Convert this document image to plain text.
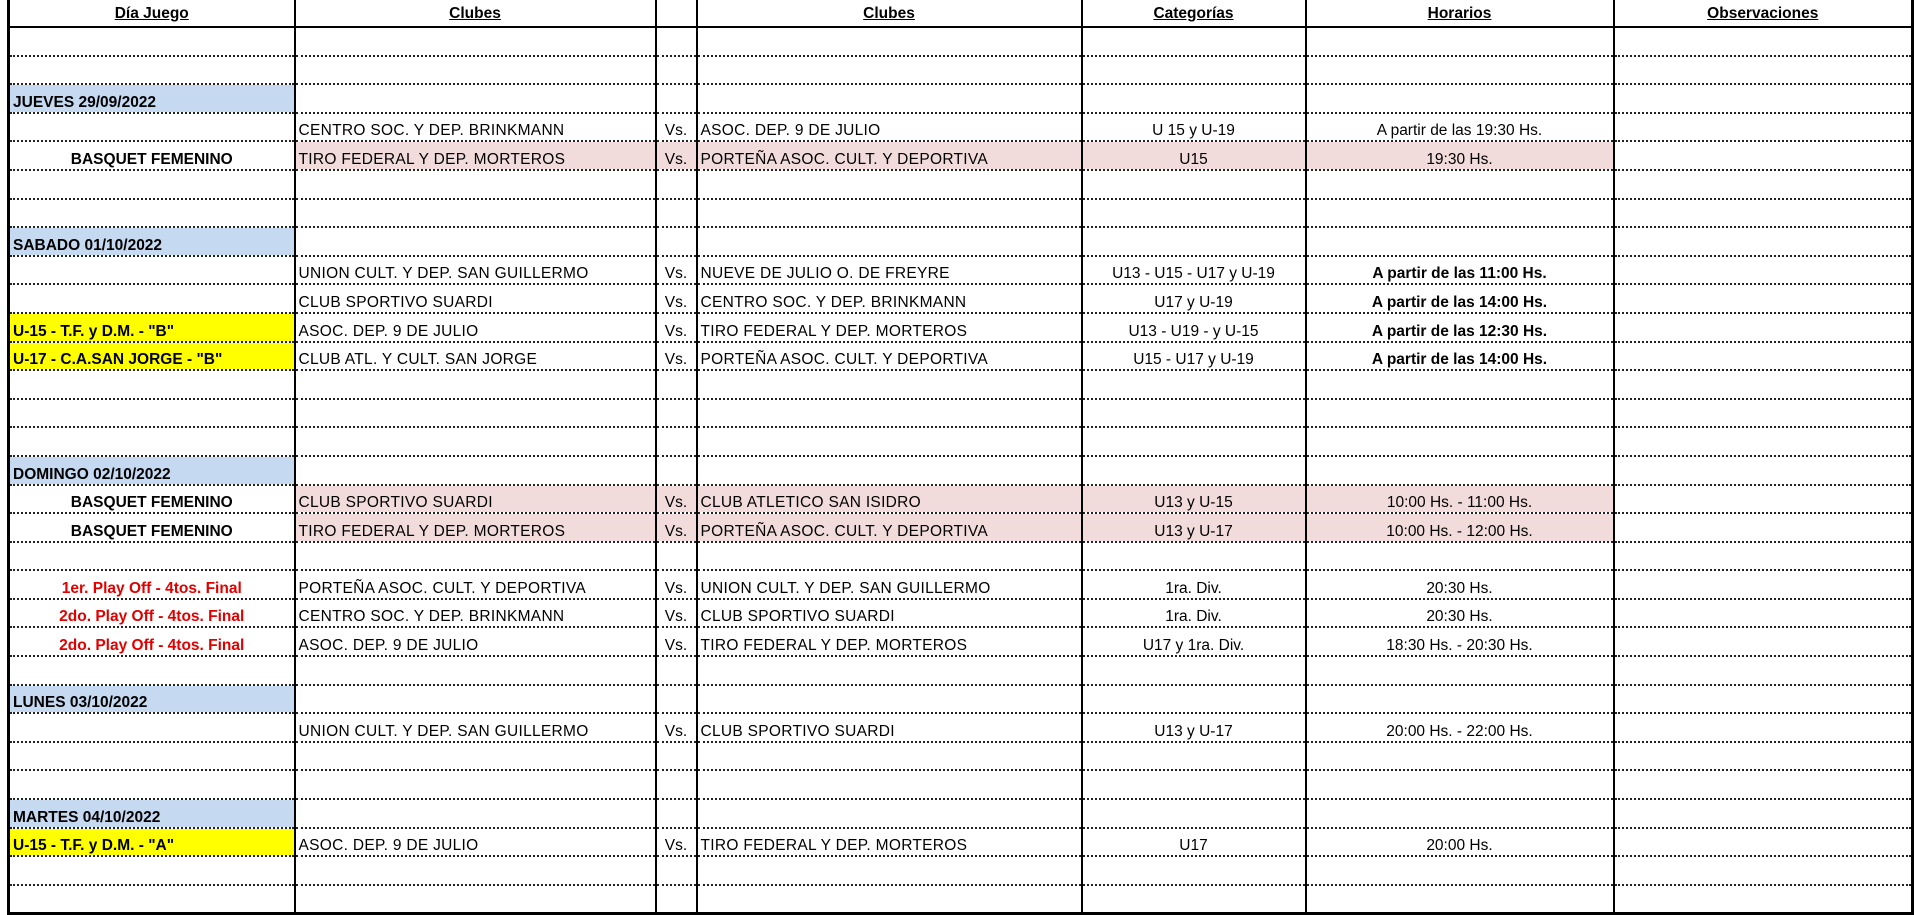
Día Juego	Clubes		Clubes	Categorías	Horarios	Observaciones

JUEVES 29/09/2022						
	CENTRO SOC. Y DEP. BRINKMANN	Vs.	ASOC. DEP. 9 DE JULIO	U 15 y U-19	A partir de las 19:30 Hs.	
BASQUET FEMENINO	TIRO FEDERAL Y DEP. MORTEROS	Vs.	PORTEÑA ASOC. CULT. Y DEPORTIVA	U15	19:30 Hs.	

SABADO 01/10/2022						
	UNION CULT. Y DEP. SAN GUILLERMO	Vs.	NUEVE DE JULIO O. DE FREYRE	U13 - U15 - U17 y U-19	A partir de las 11:00 Hs.	
	CLUB SPORTIVO SUARDI	Vs.	CENTRO SOC. Y DEP. BRINKMANN	U17 y U-19	A partir de las 14:00 Hs.	
U-15 - T.F. y D.M. - "B"	ASOC. DEP. 9 DE JULIO	Vs.	TIRO FEDERAL Y DEP. MORTEROS	U13 - U19 - y U-15	A partir de las 12:30 Hs.	
U-17 - C.A.SAN JORGE - "B"	CLUB ATL. Y CULT. SAN JORGE	Vs.	PORTEÑA ASOC. CULT. Y DEPORTIVA	U15 - U17 y U-19	A partir de las 14:00 Hs.	

DOMINGO 02/10/2022						
BASQUET FEMENINO	CLUB SPORTIVO SUARDI	Vs.	CLUB ATLETICO SAN ISIDRO	U13 y U-15	10:00 Hs. - 11:00 Hs.	
BASQUET FEMENINO	TIRO FEDERAL Y DEP. MORTEROS	Vs.	PORTEÑA ASOC. CULT. Y DEPORTIVA	U13 y U-17	10:00 Hs. - 12:00 Hs.	

1er. Play Off - 4tos. Final	PORTEÑA ASOC. CULT. Y DEPORTIVA	Vs.	UNION CULT. Y DEP. SAN GUILLERMO	1ra. Div.	20:30 Hs.	
2do. Play Off - 4tos. Final	CENTRO SOC. Y DEP. BRINKMANN	Vs.	CLUB SPORTIVO SUARDI	1ra. Div.	20:30 Hs.	
2do. Play Off - 4tos. Final	ASOC. DEP. 9 DE JULIO	Vs.	TIRO FEDERAL Y DEP. MORTEROS	U17 y 1ra. Div.	18:30 Hs. - 20:30 Hs.	

LUNES 03/10/2022						
	UNION CULT. Y DEP. SAN GUILLERMO	Vs.	CLUB SPORTIVO SUARDI	U13 y U-17	20:00 Hs. - 22:00 Hs.	

MARTES 04/10/2022						
U-15 - T.F. y D.M. - "A"	ASOC. DEP. 9 DE JULIO	Vs.	TIRO FEDERAL Y DEP. MORTEROS	U17	20:00 Hs.	
